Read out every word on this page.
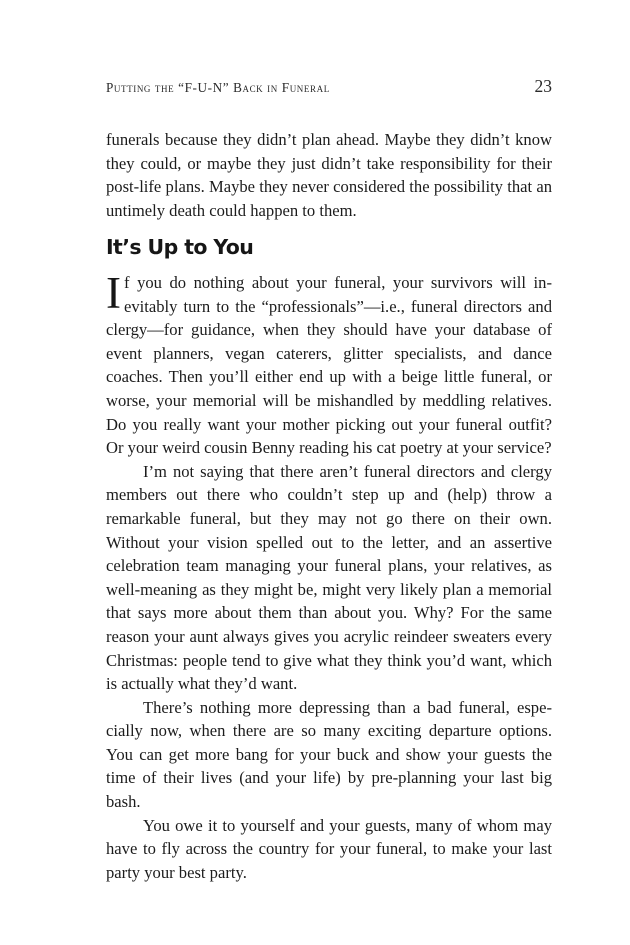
Putting the “F-U-N” Back in Funeral	23

funerals because they didn’t plan ahead. Maybe they didn’t know they could, or maybe they just didn’t take responsibility for their post-life plans. Maybe they never considered the possibility that an untimely death could happen to them.

It’s Up to You

If you do nothing about your funeral, your survivors will inevitably turn to the “professionals”—i.e., funeral directors and clergy—for guidance, when they should have your database of event planners, vegan caterers, glitter specialists, and dance coaches. Then you’ll either end up with a beige little funeral, or worse, your memorial will be mishandled by meddling relatives. Do you really want your mother picking out your funeral outfit? Or your weird cousin Benny reading his cat poetry at your service?

I’m not saying that there aren’t funeral directors and clergy members out there who couldn’t step up and (help) throw a remarkable funeral, but they may not go there on their own. Without your vision spelled out to the letter, and an assertive celebration team managing your funeral plans, your relatives, as well-meaning as they might be, might very likely plan a memorial that says more about them than about you. Why? For the same reason your aunt always gives you acrylic reindeer sweaters every Christmas: people tend to give what they think you’d want, which is actually what they’d want.

There’s nothing more depressing than a bad funeral, especially now, when there are so many exciting departure options. You can get more bang for your buck and show your guests the time of their lives (and your life) by pre-planning your last big bash.

You owe it to yourself and your guests, many of whom may have to fly across the country for your funeral, to make your last party your best party.
